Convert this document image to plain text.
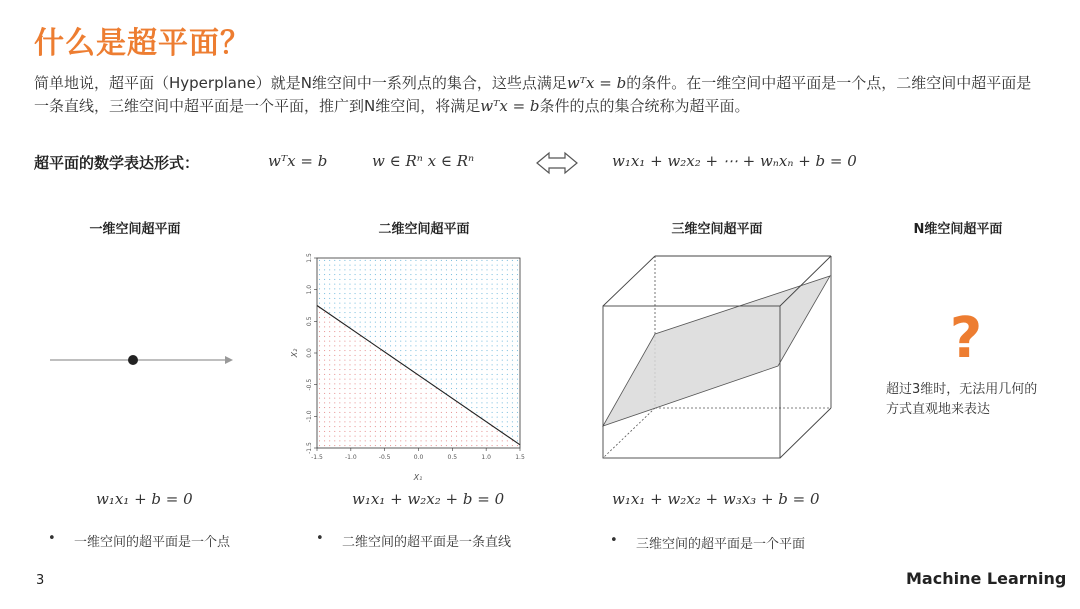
什么是超平面？
简单地说，超平面（Hyperplane）就是N维空间中一系列点的集合，这些点满足wᵀx = b的条件。在一维空间中超平面是一个点，二维空间中超平面是一条直线，三维空间中超平面是一个平面，推广到N维空间，将满足wᵀx = b条件的点的集合统称为超平面。
超平面的数学表达形式：	wᵀx = b	w ∈ Rⁿ x ∈ Rⁿ	w₁x₁ + w₂x₂ + ⋯ + wₙxₙ + b = 0
一维空间超平面	二维空间超平面	三维空间超平面	N维空间超平面
-1.5	-1.0	-0.5	0.0	0.5	1.0	1.5
-1.5
-1.0
-0.5
0.0
0.5
1.0
1.5
X₁
X₂	?
超过3维时，无法用几何的
方式直观地来表达
w₁x₁ + b = 0	w₁x₁ + w₂x₂ + b = 0	w₁x₁ + w₂x₂ + w₃x₃ + b = 0
• 一维空间的超平面是一个点	• 二维空间的超平面是一条直线	• 三维空间的超平面是一个平面
3	Machine Learning
